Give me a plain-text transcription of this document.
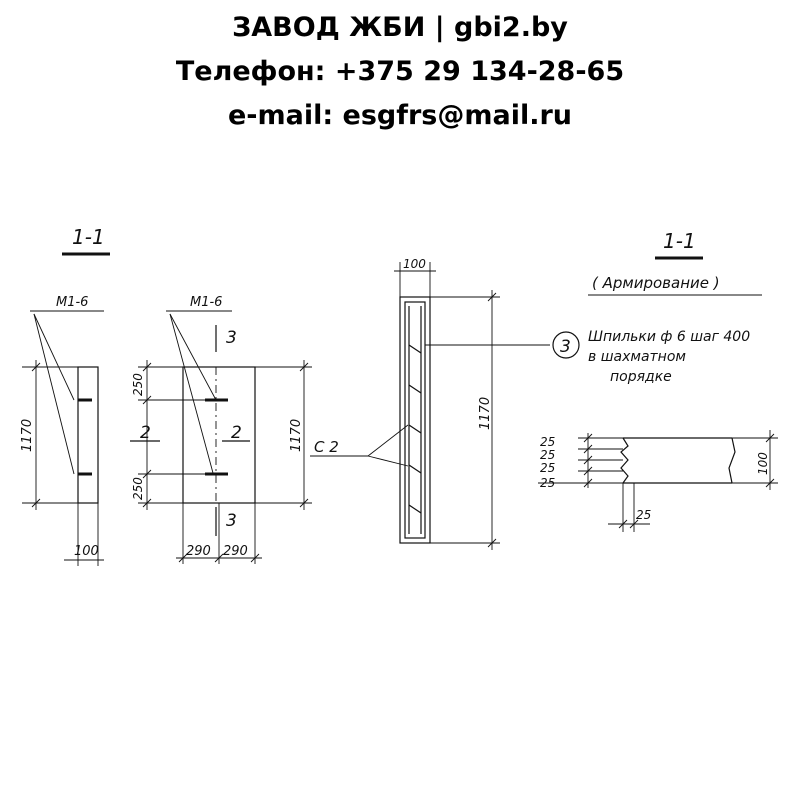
ЗАВОД ЖБИ | gbi2.by
Телефон: +375 29 134-28-65
e-mail: esgfrs@mail.ru
1-1
М1-6
1170
100
М1-6
3
250
250
2	2
3
1170
290 290
100
1170
С 2
3 Шпильки ф 6 шаг 400
в шахматном
порядке
1-1
( Армирование )
25
25
25
25
100
25
